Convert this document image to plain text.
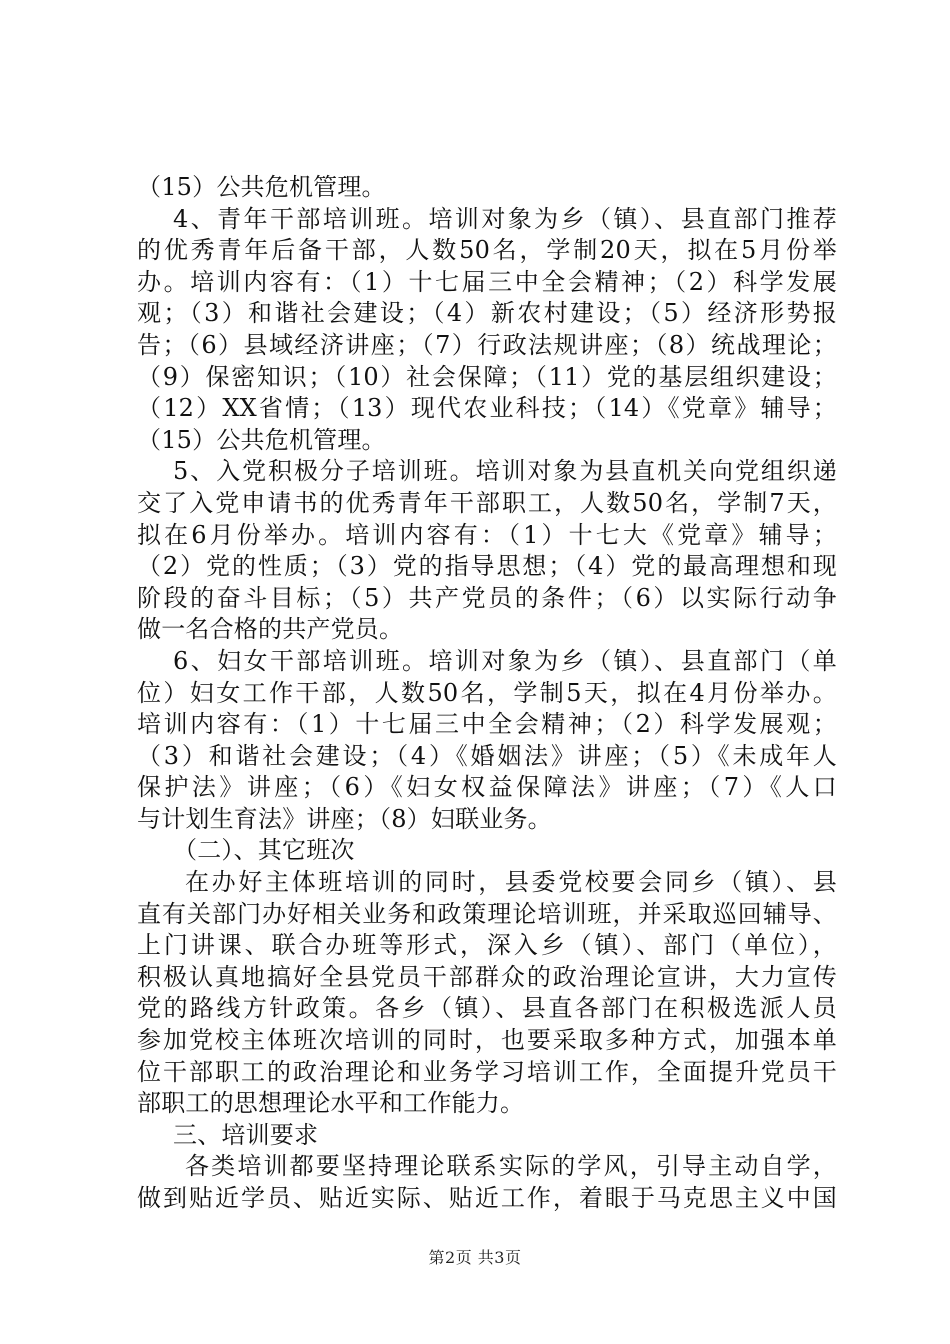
（15）公共危机管理。
4、青年干部培训班。培训对象为乡（镇）、县直部门推荐
的优秀青年后备干部，人数50名，学制20天，拟在5月份举
办。培训内容有：（1）十七届三中全会精神；（2）科学发展
观；（3）和谐社会建设；（4）新农村建设；（5）经济形势报
告；（6）县域经济讲座；（7）行政法规讲座；（8）统战理论；
（9）保密知识；（10）社会保障；（11）党的基层组织建设；
（12）XX省情；（13）现代农业科技；（14）《党章》辅导；
（15）公共危机管理。
5、入党积极分子培训班。培训对象为县直机关向党组织递
交了入党申请书的优秀青年干部职工，人数50名，学制7天，
拟在6月份举办。培训内容有：（1）十七大《党章》辅导；
（2）党的性质；（3）党的指导思想；（4）党的最高理想和现
阶段的奋斗目标；（5）共产党员的条件；（6）以实际行动争
做一名合格的共产党员。
6、妇女干部培训班。培训对象为乡（镇）、县直部门（单
位）妇女工作干部，人数50名，学制5天，拟在4月份举办。
培训内容有：（1）十七届三中全会精神；（2）科学发展观；
（3）和谐社会建设；（4）《婚姻法》讲座；（5）《未成年人
保护法》讲座；（6）《妇女权益保障法》讲座；（7）《人口
与计划生育法》讲座；（8）妇联业务。
（二）、其它班次
在办好主体班培训的同时，县委党校要会同乡（镇）、县
直有关部门办好相关业务和政策理论培训班，并采取巡回辅导、
上门讲课、联合办班等形式，深入乡（镇）、部门（单位），
积极认真地搞好全县党员干部群众的政治理论宣讲，大力宣传
党的路线方针政策。各乡（镇）、县直各部门在积极选派人员
参加党校主体班次培训的同时，也要采取多种方式，加强本单
位干部职工的政治理论和业务学习培训工作，全面提升党员干
部职工的思想理论水平和工作能力。
三、培训要求
各类培训都要坚持理论联系实际的学风，引导主动自学，
做到贴近学员、贴近实际、贴近工作，着眼于马克思主义中国
第2页 共3页
